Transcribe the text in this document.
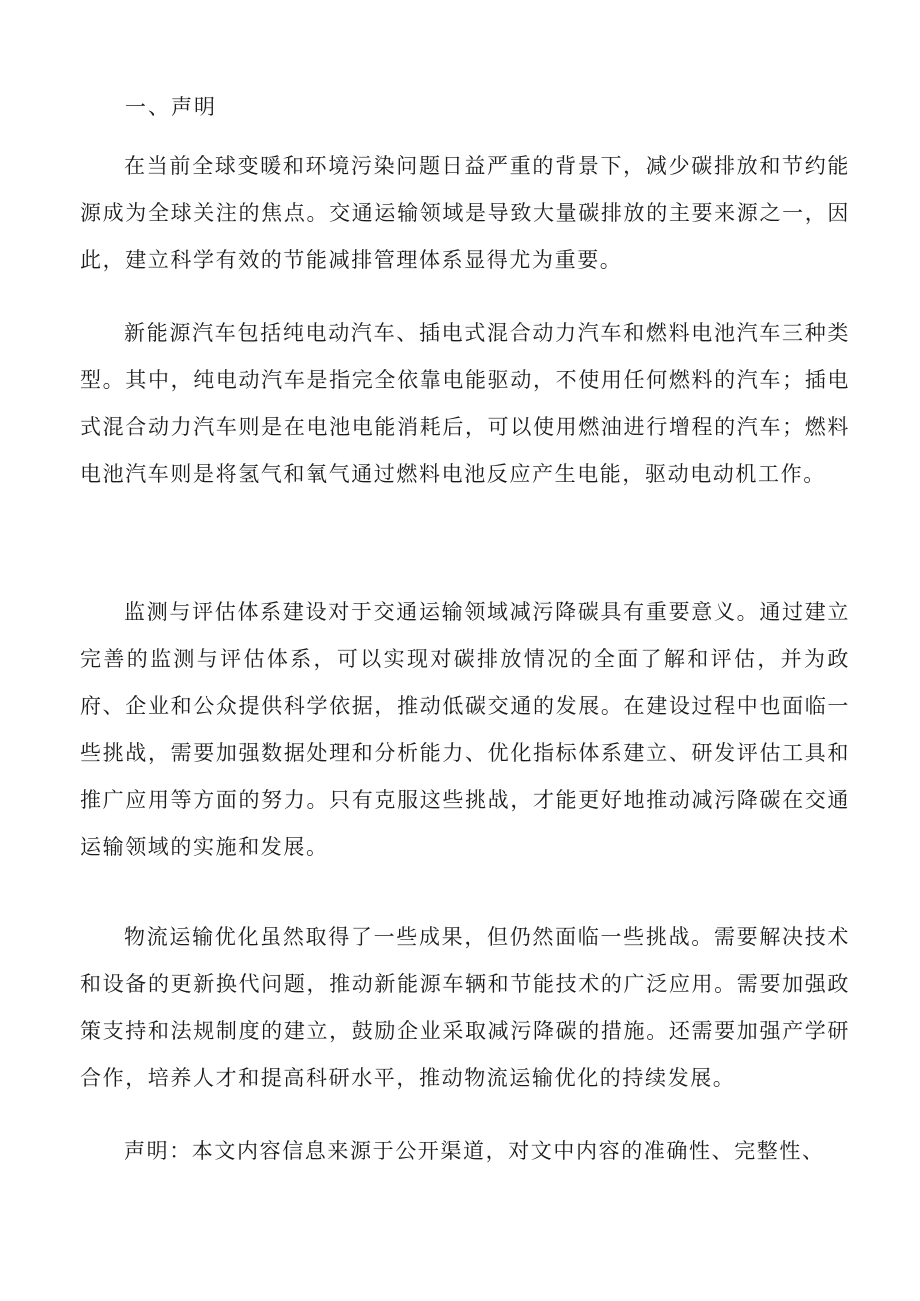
一、声明

在当前全球变暖和环境污染问题日益严重的背景下，减少碳排放和节约能源成为全球关注的焦点。交通运输领域是导致大量碳排放的主要来源之一，因此，建立科学有效的节能减排管理体系显得尤为重要。

新能源汽车包括纯电动汽车、插电式混合动力汽车和燃料电池汽车三种类型。其中，纯电动汽车是指完全依靠电能驱动，不使用任何燃料的汽车；插电式混合动力汽车则是在电池电能消耗后，可以使用燃油进行增程的汽车；燃料电池汽车则是将氢气和氧气通过燃料电池反应产生电能，驱动电动机工作。

监测与评估体系建设对于交通运输领域减污降碳具有重要意义。通过建立完善的监测与评估体系，可以实现对碳排放情况的全面了解和评估，并为政府、企业和公众提供科学依据，推动低碳交通的发展。在建设过程中也面临一些挑战，需要加强数据处理和分析能力、优化指标体系建立、研发评估工具和推广应用等方面的努力。只有克服这些挑战，才能更好地推动减污降碳在交通运输领域的实施和发展。

物流运输优化虽然取得了一些成果，但仍然面临一些挑战。需要解决技术和设备的更新换代问题，推动新能源车辆和节能技术的广泛应用。需要加强政策支持和法规制度的建立，鼓励企业采取减污降碳的措施。还需要加强产学研合作，培养人才和提高科研水平，推动物流运输优化的持续发展。

声明：本文内容信息来源于公开渠道，对文中内容的准确性、完整性、
